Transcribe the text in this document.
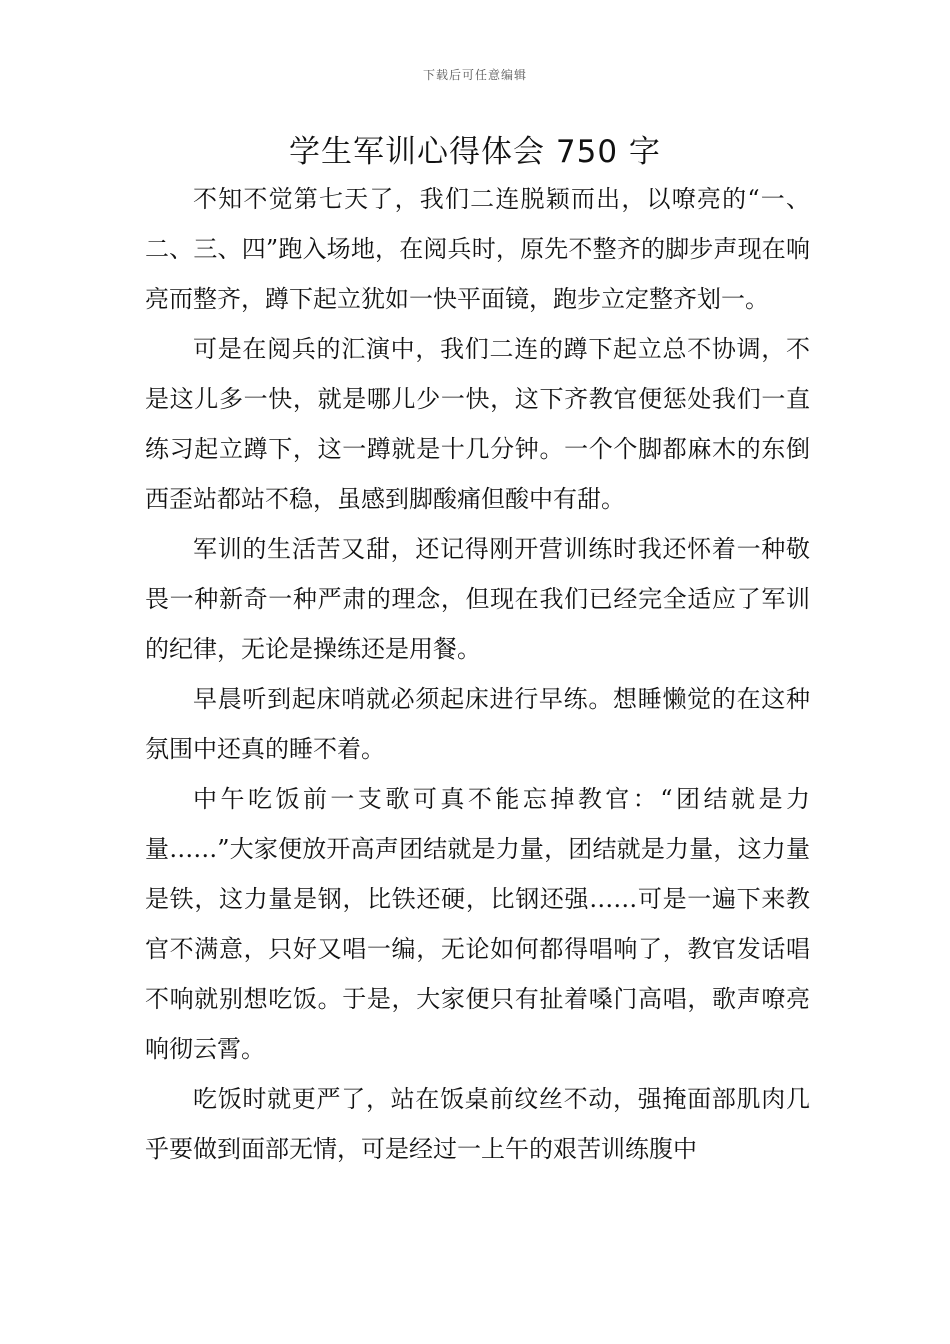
下载后可任意编辑
学生军训心得体会 750 字

不知不觉第七天了，我们二连脱颖而出，以嘹亮的“一、二、三、四”跑入场地，在阅兵时，原先不整齐的脚步声现在响亮而整齐，蹲下起立犹如一快平面镜，跑步立定整齐划一。

可是在阅兵的汇演中，我们二连的蹲下起立总不协调，不是这儿多一快，就是哪儿少一快，这下齐教官便惩处我们一直练习起立蹲下，这一蹲就是十几分钟。一个个脚都麻木的东倒西歪站都站不稳，虽感到脚酸痛但酸中有甜。

军训的生活苦又甜，还记得刚开营训练时我还怀着一种敬畏一种新奇一种严肃的理念，但现在我们已经完全适应了军训的纪律，无论是操练还是用餐。

早晨听到起床哨就必须起床进行早练。想睡懒觉的在这种氛围中还真的睡不着。

中午吃饭前一支歌可真不能忘掉教官：“团结就是力量……”大家便放开高声团结就是力量，团结就是力量，这力量是铁，这力量是钢，比铁还硬，比钢还强……可是一遍下来教官不满意，只好又唱一编，无论如何都得唱响了，教官发话唱不响就别想吃饭。于是，大家便只有扯着嗓门高唱，歌声嘹亮响彻云霄。

吃饭时就更严了，站在饭桌前纹丝不动，强掩面部肌肉几乎要做到面部无情，可是经过一上午的艰苦训练腹中
